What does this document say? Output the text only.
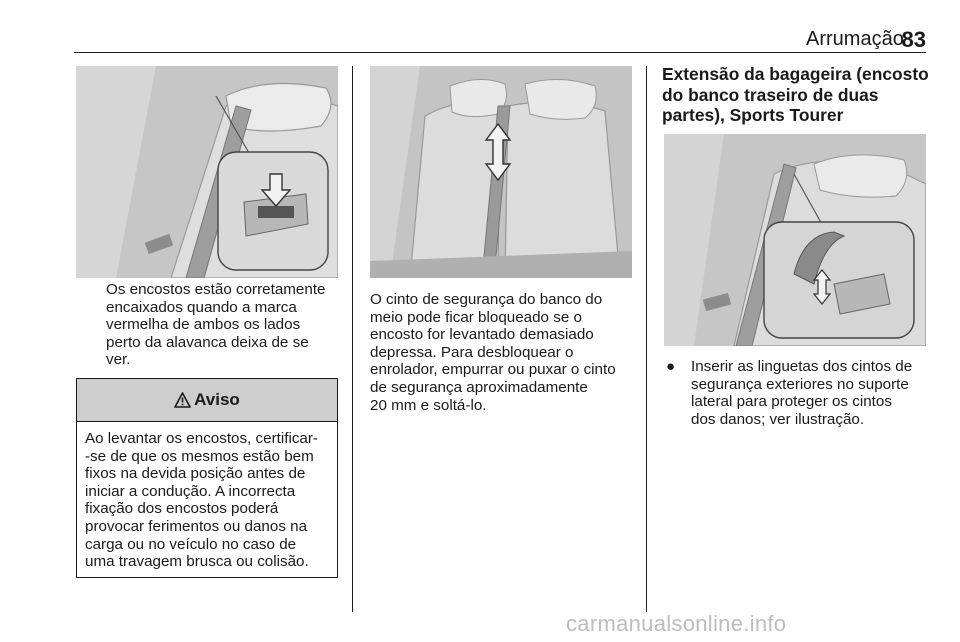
Arrumação
83

Os encostos estão corretamente
encaixados quando a marca
vermelha de ambos os lados
perto da alavanca deixa de se
ver.

Aviso
Ao levantar os encostos, certificar-
-se de que os mesmos estão bem
fixos na devida posição antes de
iniciar a condução. A incorrecta
fixação dos encostos poderá
provocar ferimentos ou danos na
carga ou no veículo no caso de
uma travagem brusca ou colisão.

O cinto de segurança do banco do
meio pode ficar bloqueado se o
encosto for levantado demasiado
depressa. Para desbloquear o
enrolador, empurrar ou puxar o cinto
de segurança aproximadamente
20 mm e soltá-lo.

Extensão da bagageira (encosto
do banco traseiro de duas
partes), Sports Tourer
● Inserir as linguetas dos cintos de
segurança exteriores no suporte
lateral para proteger os cintos
dos danos; ver ilustração.

carmanualsonline.info
